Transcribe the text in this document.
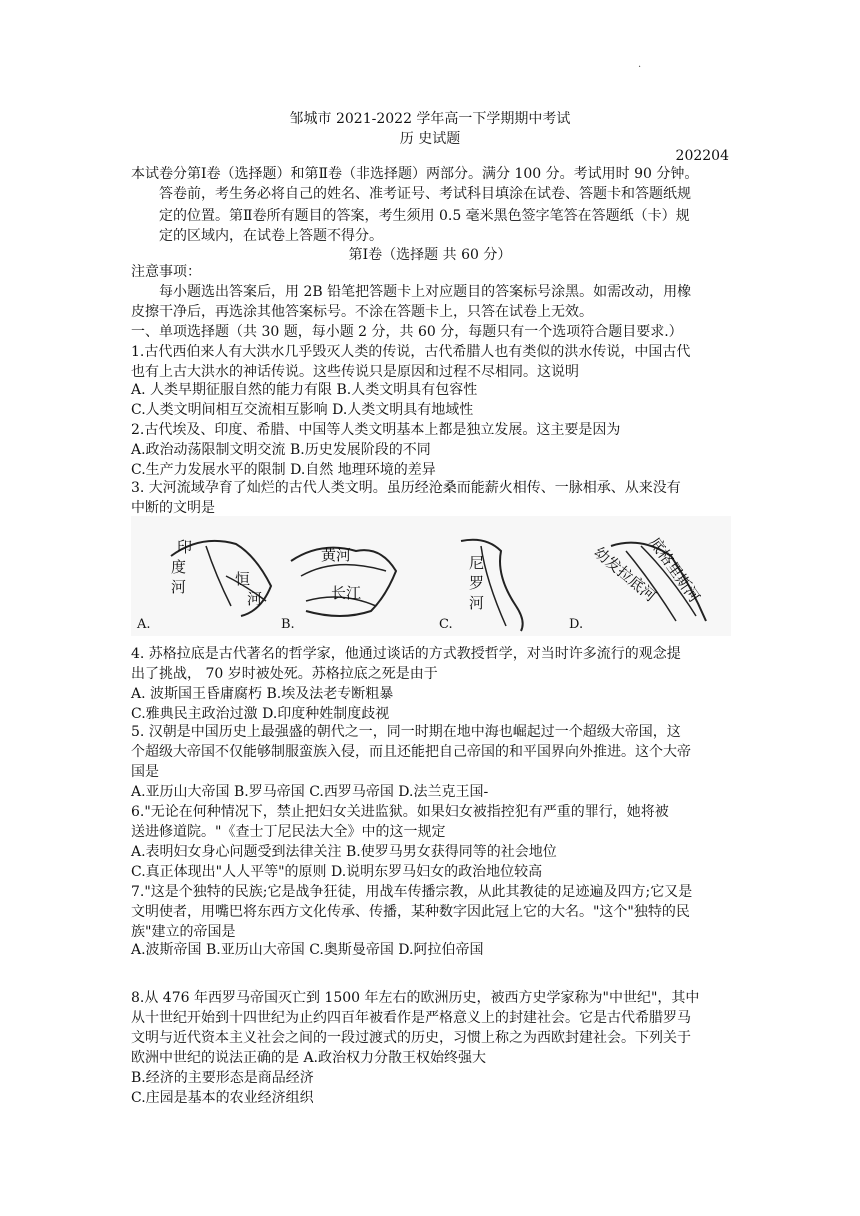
·
邹城市 2021-2022 学年高一下学期期中考试
历 史试题
202204
本试卷分第Ⅰ卷（选择题）和第Ⅱ卷（非选择题）两部分。满分 100 分。考试用时 90 分钟。
答卷前，考生务必将自己的姓名、准考证号、考试科目填涂在试卷、答题卡和答题纸规
定的位置。第Ⅱ卷所有题目的答案，考生须用 0.5 毫米黑色签字笔答在答题纸（卡）规
定的区域内，在试卷上答题不得分。
第Ⅰ卷（选择题 共 60 分）
注意事项：
每小题选出答案后，用 2B 铅笔把答题卡上对应题目的答案标号涂黑。如需改动，用橡
皮擦干净后，再选涂其他答案标号。不涂在答题卡上，只答在试卷上无效。
一、单项选择题（共 30 题，每小题 2 分，共 60 分，每题只有一个选项符合题目要求.）
1.古代西伯来人有大洪水几乎毁灭人类的传说，古代希腊人也有类似的洪水传说，中国古代
也有上古大洪水的神话传说。这些传说只是原因和过程不尽相同。这说明
A. 人类早期征服自然的能力有限 B.人类文明具有包容性
C.人类文明间相互交流相互影响 D.人类文明具有地域性
2.古代埃及、印度、希腊、中国等人类文明基本上都是独立发展。这主要是因为
A.政治动荡限制文明交流 B.历史发展阶段的不同
C.生产力发展水平的限制 D.自然 地理环境的差异
3. 大河流域孕育了灿烂的古代人类文明。虽历经沧桑而能薪火相传、一脉相承、从来没有
中断的文明是
印
度
河	恒
河
A.
黄河
长江
B.
尼
罗
河
C.
幼发拉底河
底格里斯河
D.
4. 苏格拉底是古代著名的哲学家，他通过谈话的方式教授哲学，对当时许多流行的观念提
出了挑战， 70 岁时被处死。苏格拉底之死是由于
A. 波斯国王昏庸腐朽 B.埃及法老专断粗暴
C.雅典民主政治过激 D.印度种姓制度歧视
5. 汉朝是中国历史上最强盛的朝代之一，同一时期在地中海也崛起过一个超级大帝国，这
个超级大帝国不仅能够制服蛮族入侵，而且还能把自己帝国的和平国界向外推进。这个大帝
国是
A.亚历山大帝国 B.罗马帝国 C.西罗马帝国 D.法兰克王国-
6."无论在何种情况下，禁止把妇女关进监狱。如果妇女被指控犯有严重的罪行，她将被
送进修道院。"《查士丁尼民法大全》中的这一规定
A.表明妇女身心问题受到法律关注 B.使罗马男女获得同等的社会地位
C.真正体现出"人人平等"的原则 D.说明东罗马妇女的政治地位较高
7."这是个独特的民族;它是战争狂徒，用战车传播宗教，从此其教徒的足迹遍及四方;它又是
文明使者，用嘴巴将东西方文化传承、传播，某种数字因此冠上它的大名。"这个"独特的民
族"建立的帝国是
A.波斯帝国 B.亚历山大帝国 C.奥斯曼帝国 D.阿拉伯帝国
8.从 476 年西罗马帝国灭亡到 1500 年左右的欧洲历史，被西方史学家称为"中世纪"，其中
从十世纪开始到十四世纪为止约四百年被看作是严格意义上的封建社会。它是古代希腊罗马
文明与近代资本主义社会之间的一段过渡式的历史，习惯上称之为西欧封建社会。下列关于
欧洲中世纪的说法正确的是 A.政治权力分散王权始终强大
B.经济的主要形态是商品经济
C.庄园是基本的农业经济组织
